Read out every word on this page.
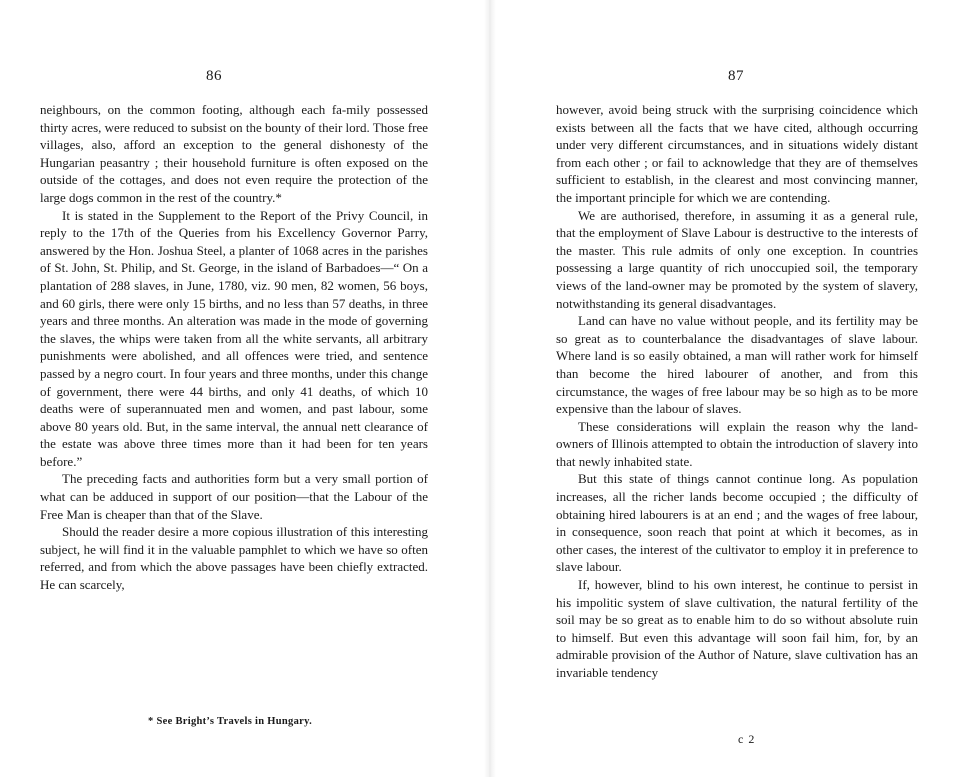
86

neighbours, on the common footing, although each fa-mily possessed thirty acres, were reduced to subsist on the bounty of their lord. Those free villages, also, afford an exception to the general dishonesty of the Hungarian peasantry ; their household furniture is often exposed on the outside of the cottages, and does not even require the protection of the large dogs common in the rest of the country.*

It is stated in the Supplement to the Report of the Privy Council, in reply to the 17th of the Queries from his Excellency Governor Parry, answered by the Hon. Joshua Steel, a planter of 1068 acres in the parishes of St. John, St. Philip, and St. George, in the island of Barbadoes—“ On a plantation of 288 slaves, in June, 1780, viz. 90 men, 82 women, 56 boys, and 60 girls, there were only 15 births, and no less than 57 deaths, in three years and three months. An alteration was made in the mode of governing the slaves, the whips were taken from all the white servants, all arbitrary punishments were abolished, and all offences were tried, and sentence passed by a negro court. In four years and three months, under this change of government, there were 44 births, and only 41 deaths, of which 10 deaths were of superannuated men and women, and past labour, some above 80 years old. But, in the same interval, the annual nett clearance of the estate was above three times more than it had been for ten years before.”

The preceding facts and authorities form but a very small portion of what can be adduced in support of our position—that the Labour of the Free Man is cheaper than that of the Slave.

Should the reader desire a more copious illustration of this interesting subject, he will find it in the valuable pamphlet to which we have so often referred, and from which the above passages have been chiefly extracted. He can scarcely,

* See Bright’s Travels in Hungary.
87

however, avoid being struck with the surprising coincidence which exists between all the facts that we have cited, although occurring under very different circumstances, and in situations widely distant from each other ; or fail to acknowledge that they are of themselves sufficient to establish, in the clearest and most convincing manner, the important principle for which we are contending.

We are authorised, therefore, in assuming it as a general rule, that the employment of Slave Labour is destructive to the interests of the master. This rule admits of only one exception. In countries possessing a large quantity of rich unoccupied soil, the temporary views of the land-owner may be promoted by the system of slavery, notwithstanding its general disadvantages.

Land can have no value without people, and its fertility may be so great as to counterbalance the disadvantages of slave labour. Where land is so easily obtained, a man will rather work for himself than become the hired labourer of another, and from this circumstance, the wages of free labour may be so high as to be more expensive than the labour of slaves.

These considerations will explain the reason why the land-owners of Illinois attempted to obtain the introduction of slavery into that newly inhabited state.

But this state of things cannot continue long. As population increases, all the richer lands become occupied ; the difficulty of obtaining hired labourers is at an end ; and the wages of free labour, in consequence, soon reach that point at which it becomes, as in other cases, the interest of the cultivator to employ it in preference to slave labour.

If, however, blind to his own interest, he continue to persist in his impolitic system of slave cultivation, the natural fertility of the soil may be so great as to enable him to do so without absolute ruin to himself. But even this advantage will soon fail him, for, by an admirable provision of the Author of Nature, slave cultivation has an invariable tendency

c 2
